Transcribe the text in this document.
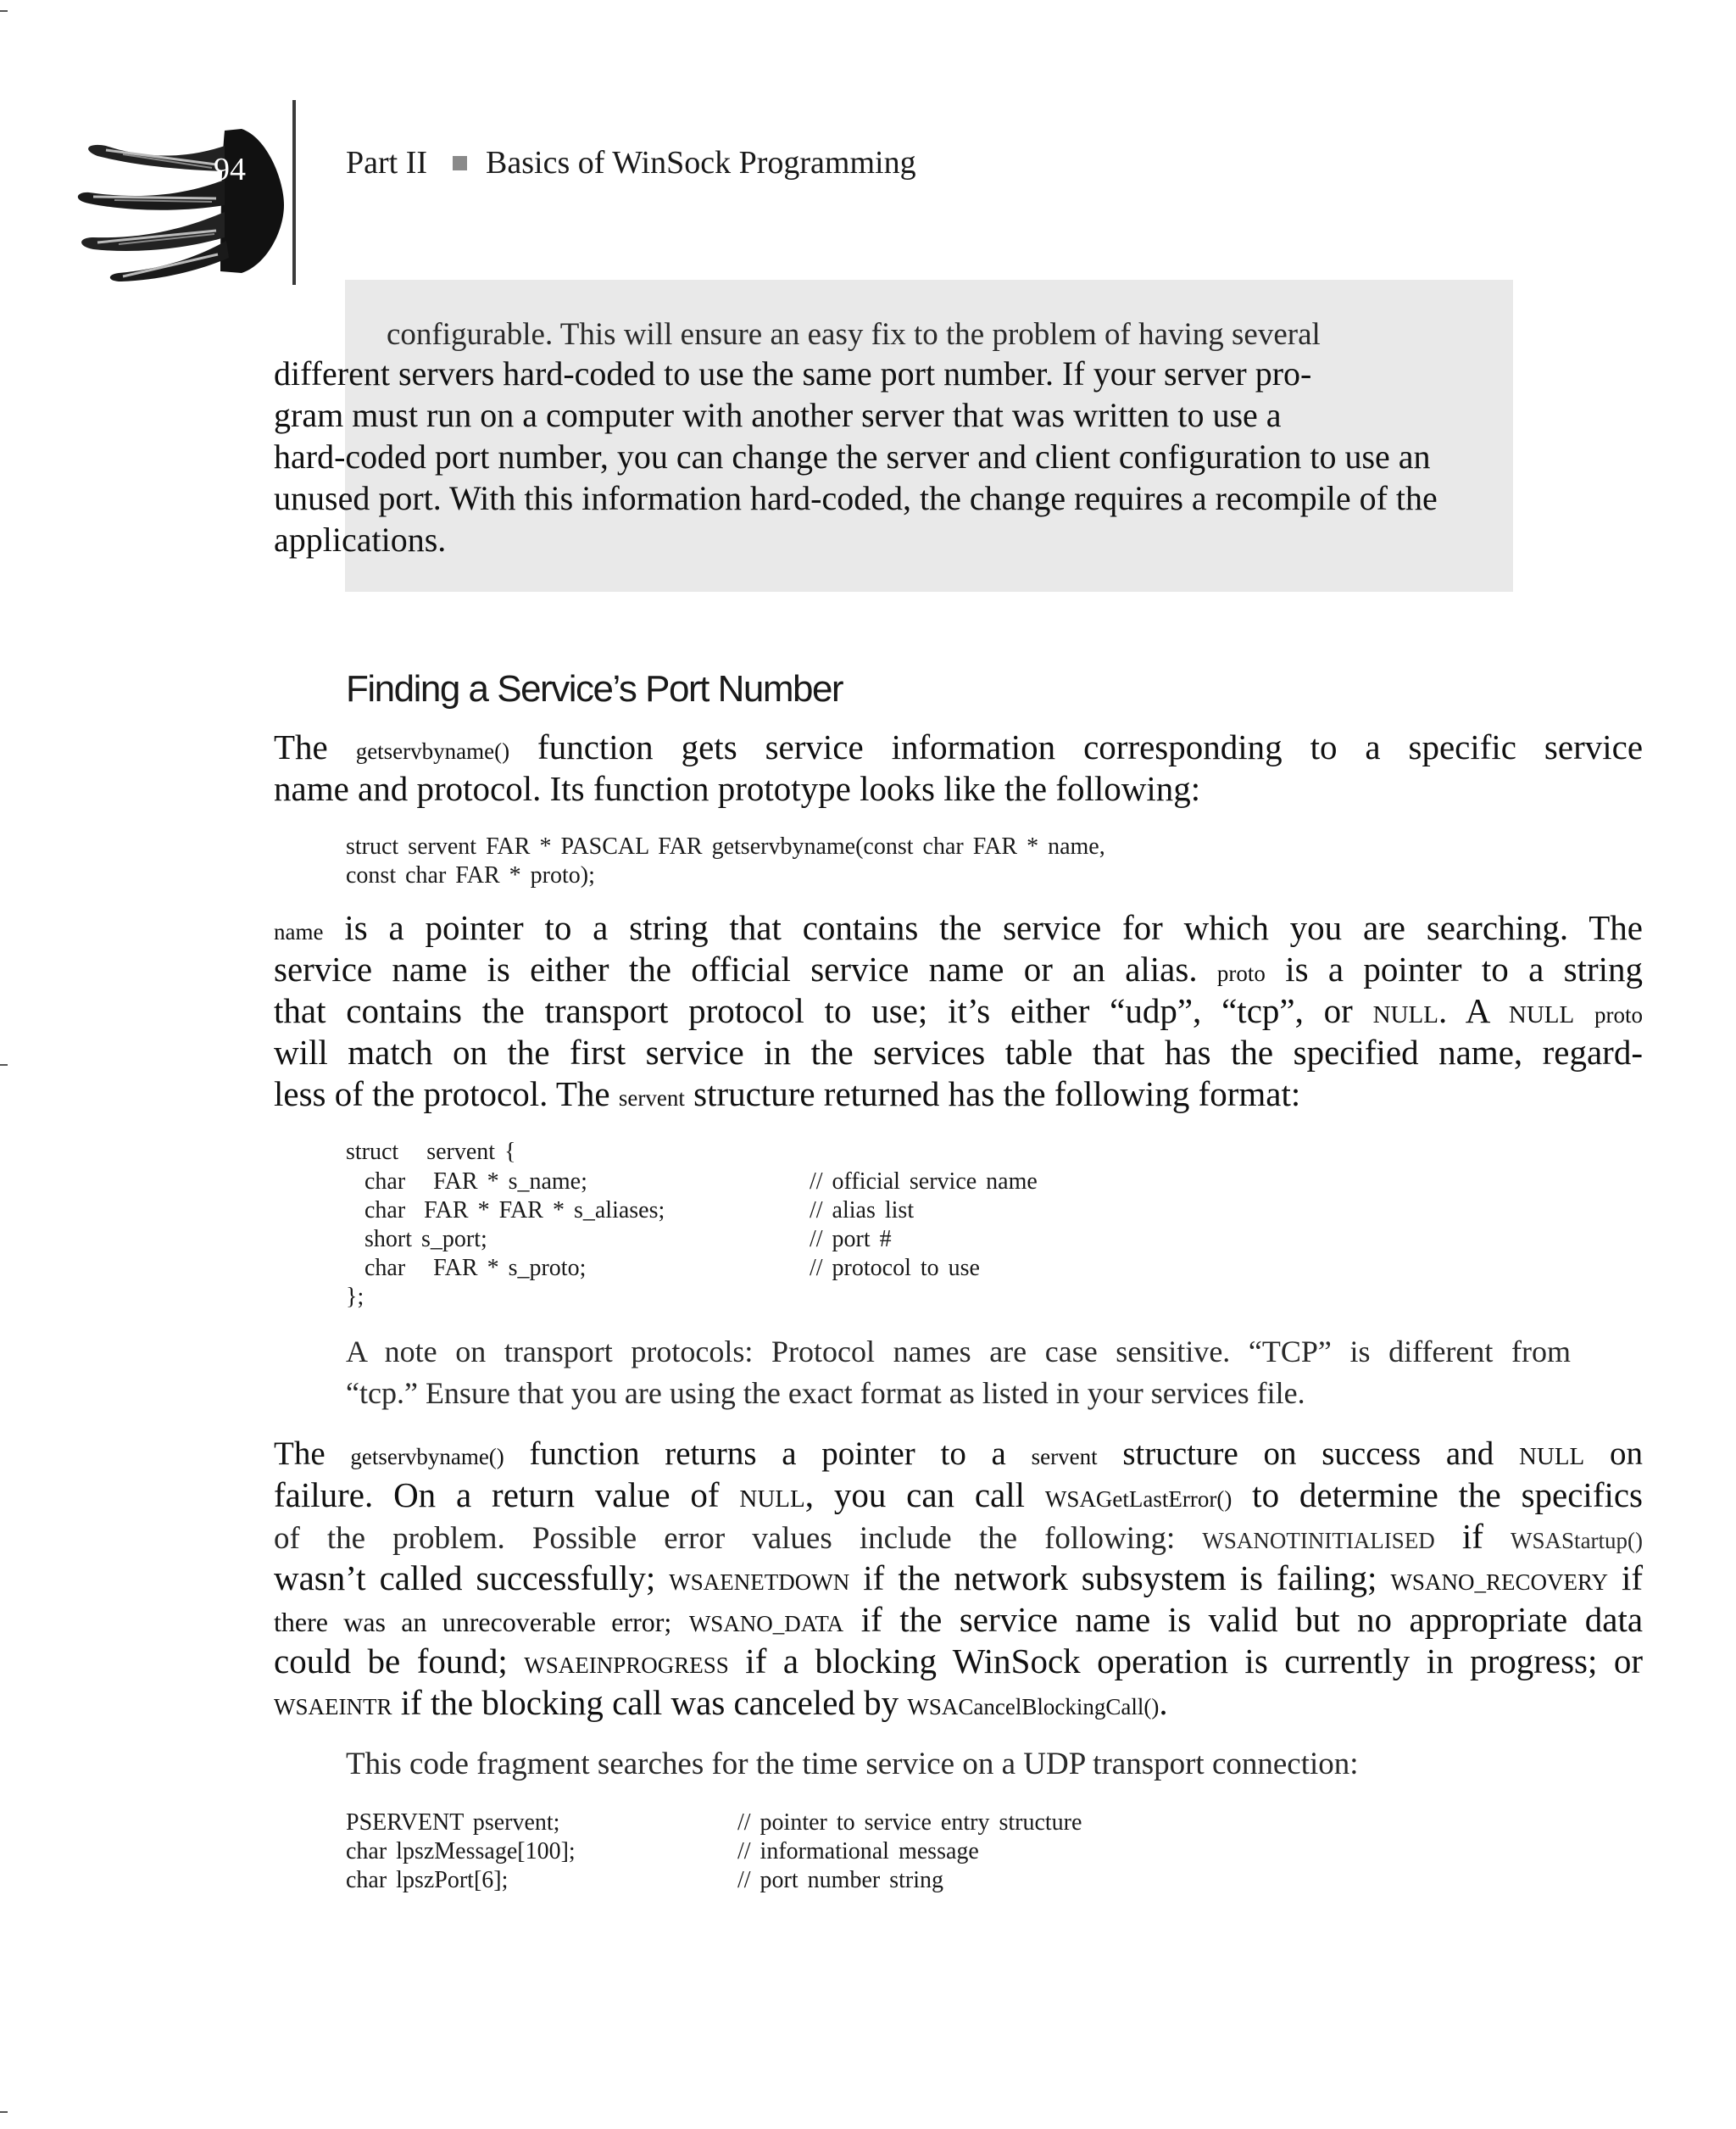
94	Part II Basics of WinSock Programming
configurable. This will ensure an easy fix to the problem of having several
different servers hard-coded to use the same port number. If your server pro-
gram must run on a computer with another server that was written to use a
hard-coded port number, you can change the server and client configuration to use an
unused port. With this information hard-coded, the change requires a recompile of the
applications.
Finding a Service’s Port Number
The getservbyname() function gets service information corresponding to a specific service
name and protocol. Its function prototype looks like the following:
struct servent FAR * PASCAL FAR getservbyname(const char FAR * name,
const char FAR * proto);
name is a pointer to a string that contains the service for which you are searching. The
service name is either the official service name or an alias. proto is a pointer to a string
that contains the transport protocol to use; it’s either “udp”, “tcp”, or NULL. A NULL proto
will match on the first service in the services table that has the specified name, regard-
less of the protocol. The servent structure returned has the following format:
struct   servent {
char   FAR * s_name;	// official service name
char  FAR * FAR * s_aliases;	// alias list
short s_port;	// port #
char   FAR * s_proto;	// protocol to use
};
A note on transport protocols: Protocol names are case sensitive. “TCP” is different from
“tcp.” Ensure that you are using the exact format as listed in your services file.
The getservbyname() function returns a pointer to a servent structure on success and NULL on
failure. On a return value of NULL, you can call WSAGetLastError() to determine the specifics
of the problem. Possible error values include the following: WSANOTINITIALISED if WSAStartup()
wasn’t called successfully; WSAENETDOWN if the network subsystem is failing; WSANO_RECOVERY if
there was an unrecoverable error; WSANO_DATA if the service name is valid but no appropriate data
could be found; WSAEINPROGRESS if a blocking WinSock operation is currently in progress; or
WSAEINTR if the blocking call was canceled by WSACancelBlockingCall().
This code fragment searches for the time service on a UDP transport connection:
PSERVENT pservent;	// pointer to service entry structure
char lpszMessage[100];	// informational message
char lpszPort[6];	// port number string
